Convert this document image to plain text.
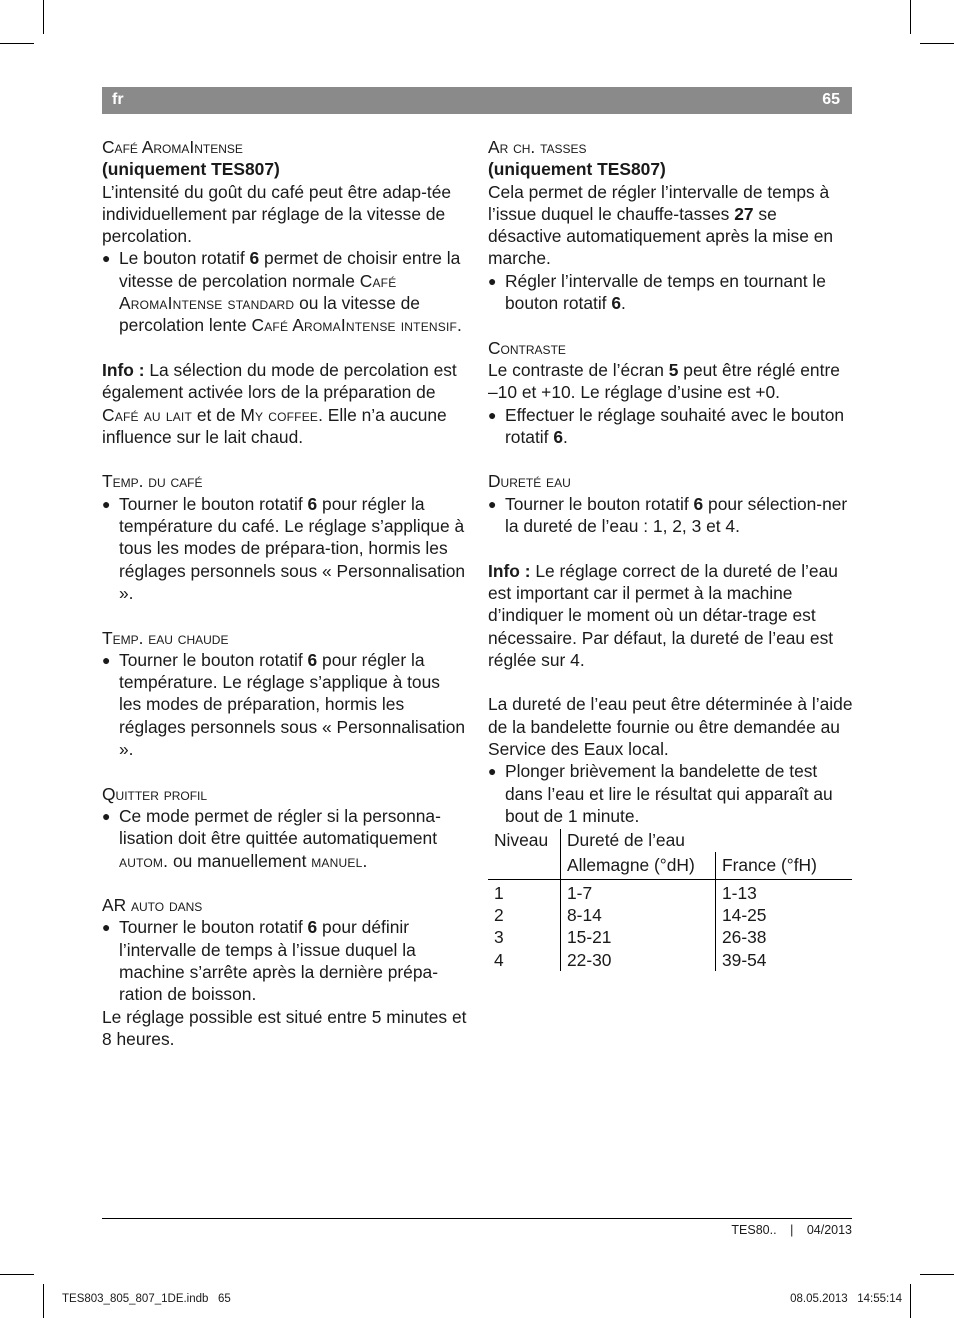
fr	65

Café AromaIntense

(uniquement TES807)

L’intensité du goût du café peut être adap-tée individuellement par réglage de la vitesse de percolation.

● Le bouton rotatif 6 permet de choisir entre la vitesse de percolation normale Café AromaIntense standard ou la vitesse de percolation lente Café AromaIntense intensif.

Info : La sélection du mode de percolation est également activée lors de la préparation de Café au lait et de My coffee. Elle n’a aucune influence sur le lait chaud.

Temp. du café

● Tourner le bouton rotatif 6 pour régler la température du café. Le réglage s’applique à tous les modes de prépara-tion, hormis les réglages personnels sous « Personnalisation ».

Temp. eau chaude

● Tourner le bouton rotatif 6 pour régler la température. Le réglage s’applique à tous les modes de préparation, hormis les réglages personnels sous « Personnalisation ».

Quitter profil

● Ce mode permet de régler si la personna-lisation doit être quittée automatiquement autom. ou manuellement manuel.

AR auto dans

● Tourner le bouton rotatif 6 pour définir l’intervalle de temps à l’issue duquel la machine s’arrête après la dernière prépa-ration de boisson.

Le réglage possible est situé entre 5 minutes et 8 heures.

Ar ch. tasses

(uniquement TES807)

Cela permet de régler l’intervalle de temps à l’issue duquel le chauffe-tasses 27 se désactive automatiquement après la mise en marche.

● Régler l’intervalle de temps en tournant le bouton rotatif 6.

Contraste

Le contraste de l’écran 5 peut être réglé entre –10 et +10. Le réglage d’usine est +0.

● Effectuer le réglage souhaité avec le bouton rotatif 6.

Dureté eau

● Tourner le bouton rotatif 6 pour sélection-ner la dureté de l’eau : 1, 2, 3 et 4.

Info : Le réglage correct de la dureté de l’eau est important car il permet à la machine d’indiquer le moment où un détar-trage est nécessaire. Par défaut, la dureté de l’eau est réglée sur 4.

La dureté de l’eau peut être déterminée à l’aide de la bandelette fournie ou être demandée au Service des Eaux local.

● Plonger brièvement la bandelette de test dans l’eau et lire le résultat qui apparaît au bout de 1 minute.

Niveau	Dureté de l’eau	
	Allemagne (°dH)	France (°fH)
1	1-7	1-13
2	8-14	14-25
3	15-21	26-38
4	22-30	39-54
TES80.. | 04/2013
TES803_805_807_1DE.indb   65	08.05.2013   14:55:14
